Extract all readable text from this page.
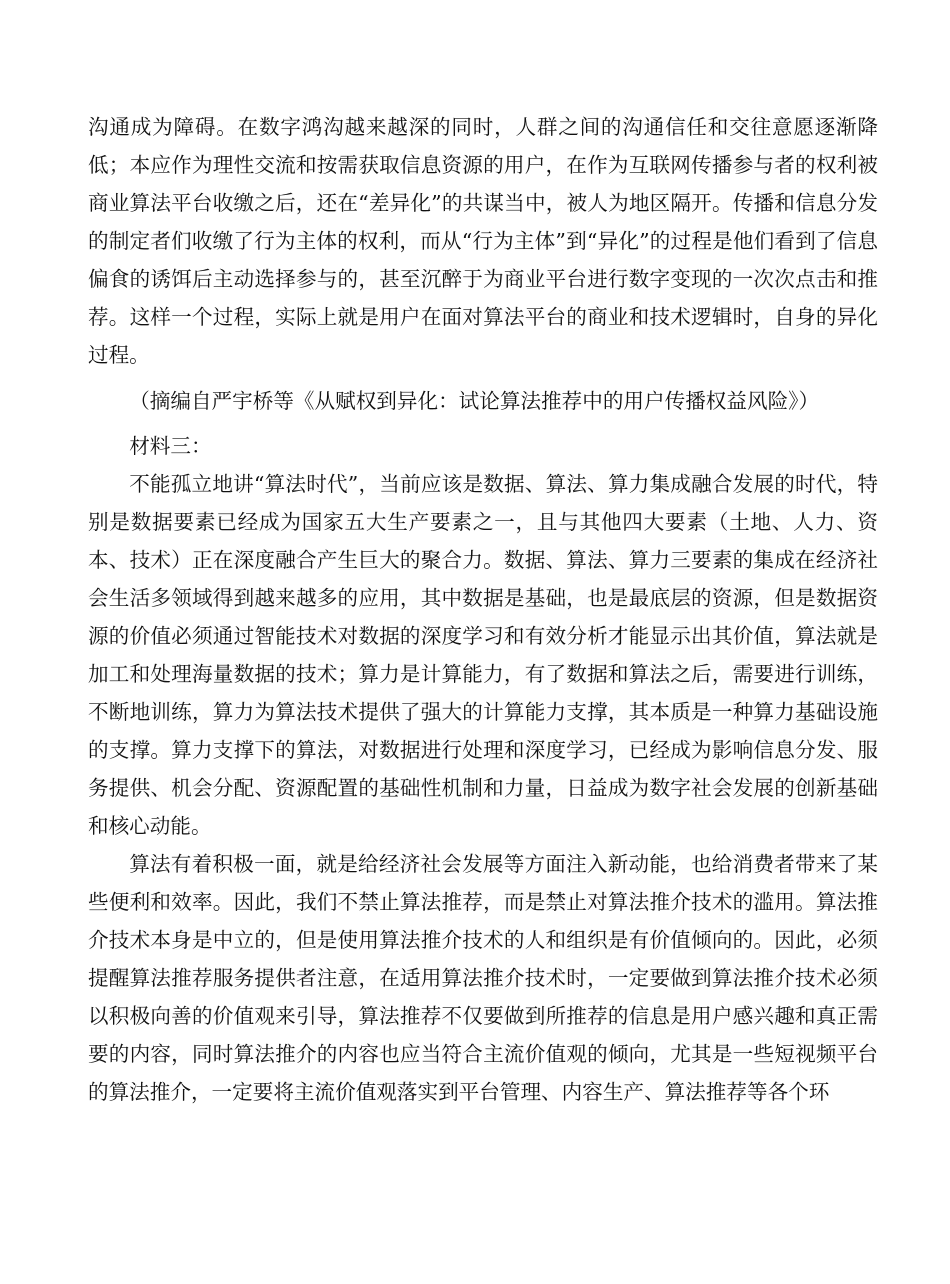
沟通成为障碍。在数字鸿沟越来越深的同时，人群之间的沟通信任和交往意愿逐渐降低；本应作为理性交流和按需获取信息资源的用户，在作为互联网传播参与者的权利被商业算法平台收缴之后，还在“差异化”的共谋当中，被人为地区隔开。传播和信息分发的制定者们收缴了行为主体的权利，而从“行为主体”到“异化”的过程是他们看到了信息偏食的诱饵后主动选择参与的，甚至沉醉于为商业平台进行数字变现的一次次点击和推荐。这样一个过程，实际上就是用户在面对算法平台的商业和技术逻辑时，自身的异化过程。

（摘编自严宇桥等《从赋权到异化：试论算法推荐中的用户传播权益风险》）

材料三：

不能孤立地讲“算法时代”，当前应该是数据、算法、算力集成融合发展的时代，特别是数据要素已经成为国家五大生产要素之一，且与其他四大要素（土地、人力、资本、技术）正在深度融合产生巨大的聚合力。数据、算法、算力三要素的集成在经济社会生活多领域得到越来越多的应用，其中数据是基础，也是最底层的资源，但是数据资源的价值必须通过智能技术对数据的深度学习和有效分析才能显示出其价值，算法就是加工和处理海量数据的技术；算力是计算能力，有了数据和算法之后，需要进行训练，不断地训练，算力为算法技术提供了强大的计算能力支撑，其本质是一种算力基础设施的支撑。算力支撑下的算法，对数据进行处理和深度学习，已经成为影响信息分发、服务提供、机会分配、资源配置的基础性机制和力量，日益成为数字社会发展的创新基础和核心动能。

算法有着积极一面，就是给经济社会发展等方面注入新动能，也给消费者带来了某些便利和效率。因此，我们不禁止算法推荐，而是禁止对算法推介技术的滥用。算法推介技术本身是中立的，但是使用算法推介技术的人和组织是有价值倾向的。因此，必须提醒算法推荐服务提供者注意，在适用算法推介技术时，一定要做到算法推介技术必须以积极向善的价值观来引导，算法推荐不仅要做到所推荐的信息是用户感兴趣和真正需要的内容，同时算法推介的内容也应当符合主流价值观的倾向，尤其是一些短视频平台的算法推介，一定要将主流价值观落实到平台管理、内容生产、算法推荐等各个环
